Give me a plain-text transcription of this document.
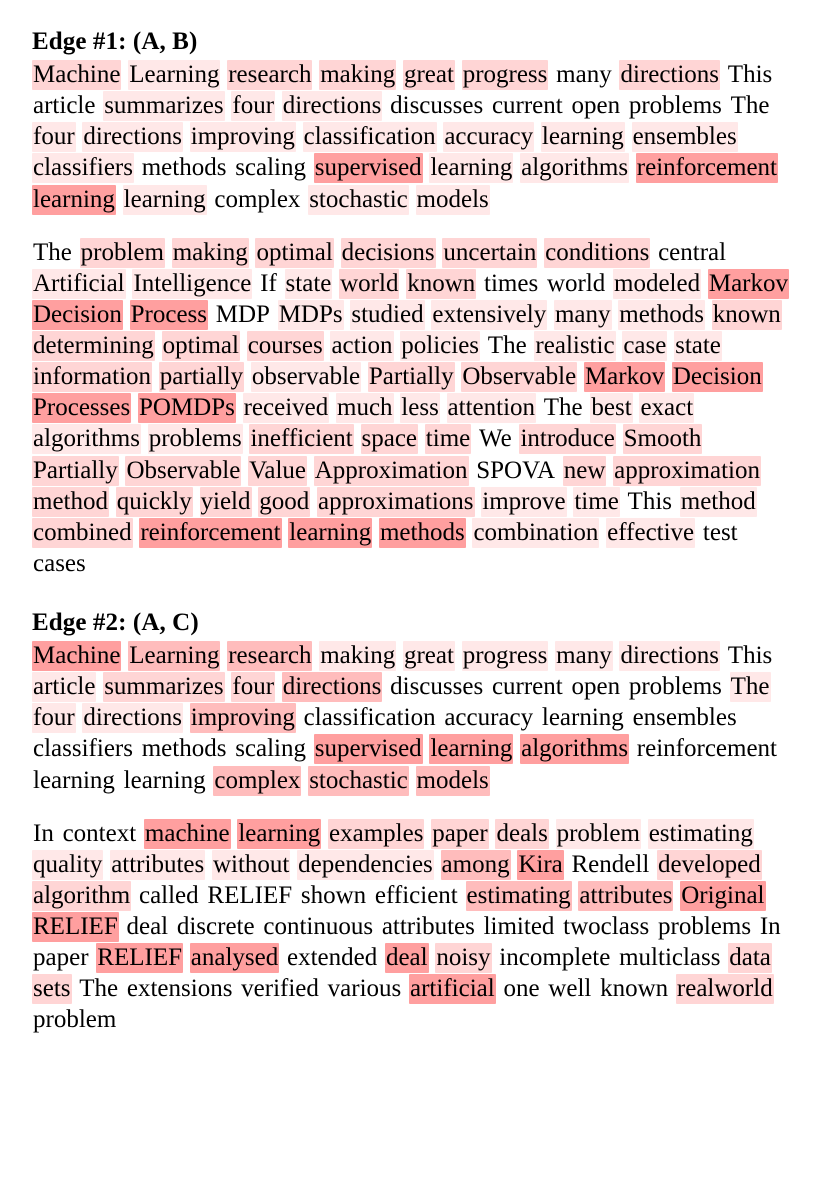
Edge #1: (A, B)

Machine Learning research making great progress many directions This article summarizes four directions discusses current open problems The four directions improving classification accuracy learning ensembles classifiers methods scaling supervised learning algorithms reinforcement learning learning complex stochastic models

The problem making optimal decisions uncertain conditions central Artificial Intelligence If state world known times world modeled Markov Decision Process MDP MDPs studied extensively many methods known determining optimal courses action policies The realistic case state information partially observable Partially Observable Markov Decision Processes POMDPs received much less attention The best exact algorithms problems inefficient space time We introduce Smooth Partially Observable Value Approximation SPOVA new approximation method quickly yield good approximations improve time This method combined reinforcement learning methods combination effective test cases

Edge #2: (A, C)

Machine Learning research making great progress many directions This article summarizes four directions discusses current open problems The four directions improving classification accuracy learning ensembles classifiers methods scaling supervised learning algorithms reinforcement learning learning complex stochastic models

In context machine learning examples paper deals problem estimating quality attributes without dependencies among Kira Rendell developed algorithm called RELIEF shown efficient estimating attributes Original RELIEF deal discrete continuous attributes limited twoclass problems In paper RELIEF analysed extended deal noisy incomplete multiclass data sets The extensions verified various artificial one well known realworld problem
